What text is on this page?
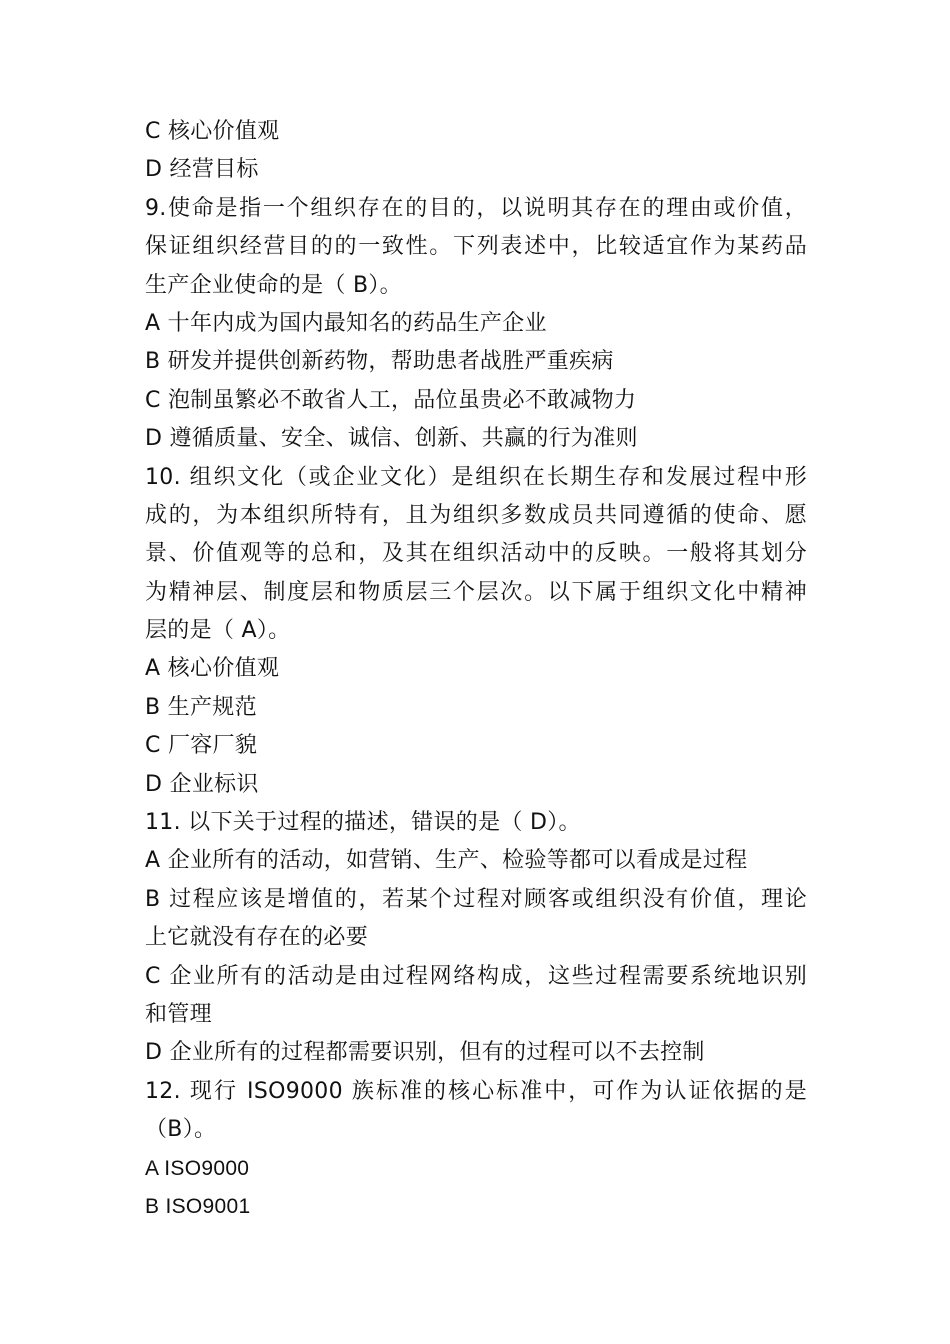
C 核心价值观
D 经营目标
9.使命是指一个组织存在的目的，以说明其存在的理由或价值，
保证组织经营目的的一致性。下列表述中，比较适宜作为某药品
生产企业使命的是（ B）。
A 十年内成为国内最知名的药品生产企业
B 研发并提供创新药物，帮助患者战胜严重疾病
C 泡制虽繁必不敢省人工，品位虽贵必不敢减物力
D 遵循质量、安全、诚信、创新、共赢的行为准则
10. 组织文化（或企业文化）是组织在长期生存和发展过程中形
成的，为本组织所特有，且为组织多数成员共同遵循的使命、愿
景、价值观等的总和，及其在组织活动中的反映。一般将其划分
为精神层、制度层和物质层三个层次。以下属于组织文化中精神
层的是（ A）。
A 核心价值观
B 生产规范
C 厂容厂貌
D 企业标识
11. 以下关于过程的描述，错误的是（ D）。
A 企业所有的活动，如营销、生产、检验等都可以看成是过程
B 过程应该是增值的，若某个过程对顾客或组织没有价值，理论
上它就没有存在的必要
C 企业所有的活动是由过程网络构成，这些过程需要系统地识别
和管理
D 企业所有的过程都需要识别，但有的过程可以不去控制
12. 现行 ISO9000 族标准的核心标准中，可作为认证依据的是
（B）。
A ISO9000
B ISO9001
